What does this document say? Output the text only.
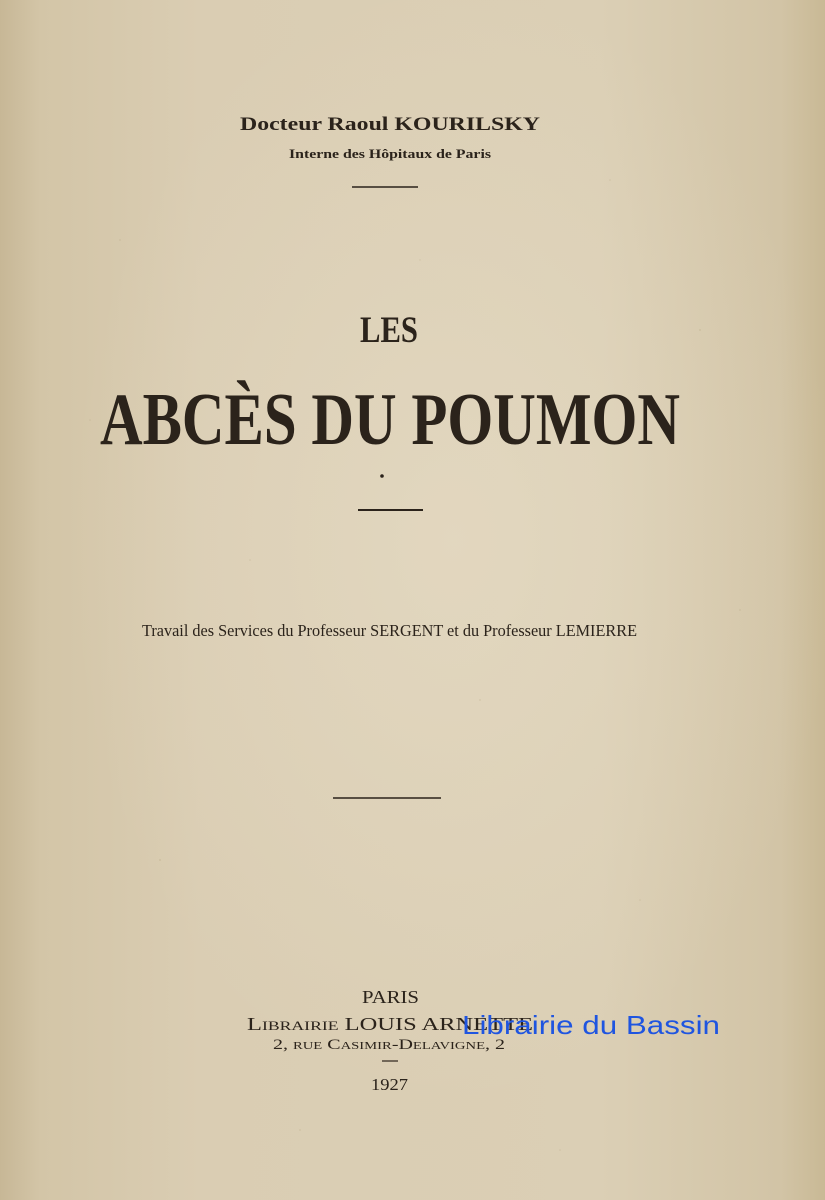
Docteur Raoul KOURILSKY
Interne des Hôpitaux de Paris
LES
ABCÈS DU POUMON
Travail des Services du Professeur SERGENT et du Professeur LEMIERRE
PARIS
Librairie LOUIS ARNETTE
2, rue Casimir-Delavigne, 2
1927
Librairie du Bassin
